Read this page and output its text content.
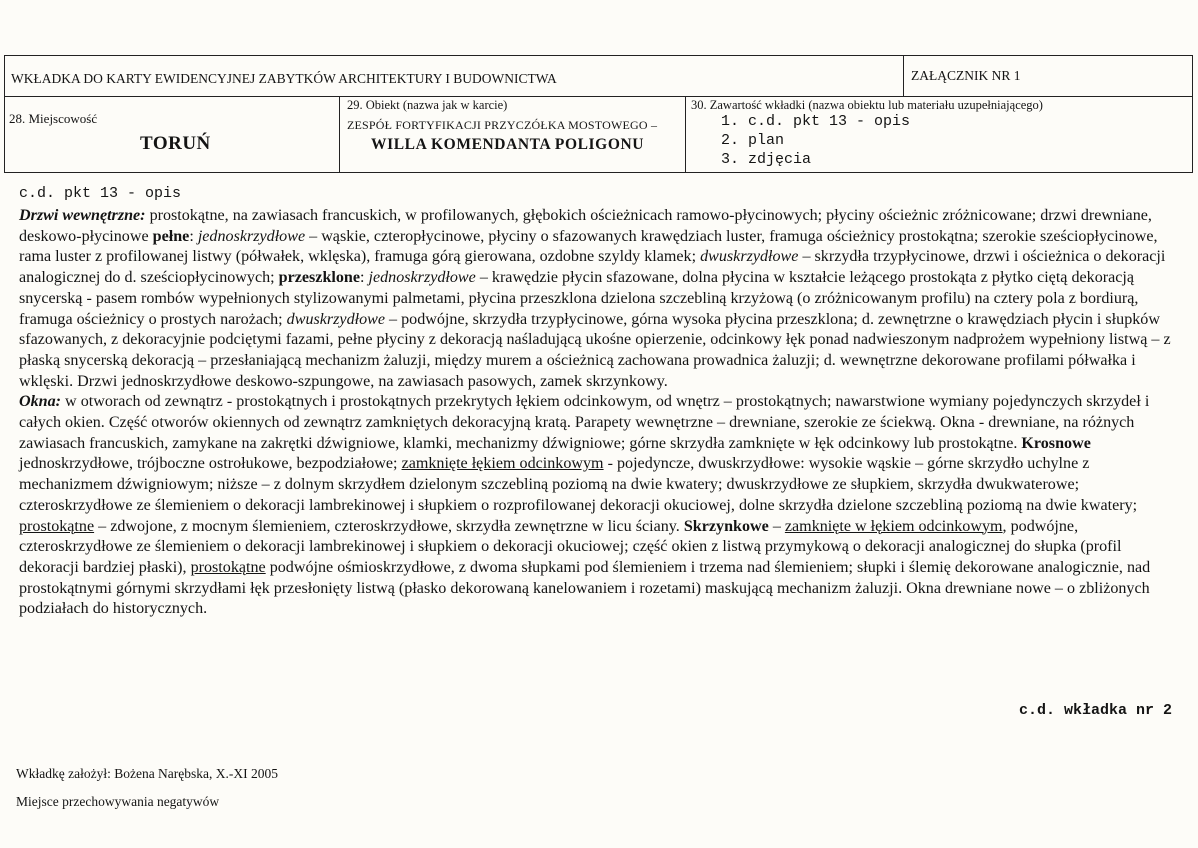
WKŁADKA DO KARTY EWIDENCYJNEJ ZABYTKÓW ARCHITEKTURY I BUDOWNICTWA	ZAŁĄCZNIK NR 1
28. Miejscowość
TORUŃ
29. Obiekt (nazwa jak w karcie)
ZESPÓŁ FORTYFIKACJI PRZYCZÓŁKA MOSTOWEGO –
WILLA KOMENDANTA POLIGONU
30. Zawartość wkładki (nazwa obiektu lub materiału uzupełniającego)
1. c.d. pkt 13 - opis
2. plan
3. zdjęcia
c.d. pkt 13 - opis

Drzwi wewnętrzne: prostokątne, na zawiasach francuskich, w profilowanych, głębokich ościeżnicach ramowo-płycinowych; płyciny ościeżnic zróżnicowane; drzwi drewniane, deskowo-płycinowe pełne: jednoskrzydłowe – wąskie, czteropłycinowe, płyciny o sfazowanych krawędziach luster, framuga ościeżnicy prostokątna; szerokie sześciopłycinowe, rama luster z profilowanej listwy (półwałek, wklęska), framuga górą gierowana, ozdobne szyldy klamek; dwuskrzydłowe – skrzydła trzypłycinowe, drzwi i ościeżnica o dekoracji analogicznej do d. sześciopłycinowych; przeszklone: jednoskrzydłowe – krawędzie płycin sfazowane, dolna płycina w kształcie leżącego prostokąta z płytko ciętą dekoracją snycerską - pasem rombów wypełnionych stylizowanymi palmetami, płycina przeszklona dzielona szczebliną krzyżową (o zróżnicowanym profilu) na cztery pola z bordiurą, framuga ościeżnicy o prostych narożach; dwuskrzydłowe – podwójne, skrzydła trzypłycinowe, górna wysoka płycina przeszklona; d. zewnętrzne o krawędziach płycin i słupków sfazowanych, z dekoracyjnie podciętymi fazami, pełne płyciny z dekoracją naśladującą ukośne opierzenie, odcinkowy łęk ponad nadwieszonym nadprożem wypełniony listwą – z płaską snycerską dekoracją – przesłaniającą mechanizm żaluzji, między murem a ościeżnicą zachowana prowadnica żaluzji; d. wewnętrzne dekorowane profilami półwałka i wklęski. Drzwi jednoskrzydłowe deskowo-szpungowe, na zawiasach pasowych, zamek skrzynkowy.

Okna: w otworach od zewnątrz - prostokątnych i prostokątnych przekrytych łękiem odcinkowym, od wnętrz – prostokątnych; nawarstwione wymiany pojedynczych skrzydeł i całych okien. Część otworów okiennych od zewnątrz zamkniętych dekoracyjną kratą. Parapety wewnętrzne – drewniane, szerokie ze ściekwą. Okna - drewniane, na różnych zawiasach francuskich, zamykane na zakrętki dźwigniowe, klamki, mechanizmy dźwigniowe; górne skrzydła zamknięte w łęk odcinkowy lub prostokątne. Krosnowe jednoskrzydłowe, trójboczne ostrołukowe, bezpodziałowe; zamknięte łękiem odcinkowym - pojedyncze, dwuskrzydłowe: wysokie wąskie – górne skrzydło uchylne z mechanizmem dźwigniowym; niższe – z dolnym skrzydłem dzielonym szczebliną poziomą na dwie kwatery; dwuskrzydłowe ze słupkiem, skrzydła dwukwaterowe; czteroskrzydłowe ze ślemieniem o dekoracji lambrekinowej i słupkiem o rozprofilowanej dekoracji okuciowej, dolne skrzydła dzielone szczebliną poziomą na dwie kwatery; prostokątne – zdwojone, z mocnym ślemieniem, czteroskrzydłowe, skrzydła zewnętrzne w licu ściany. Skrzynkowe – zamknięte w łękiem odcinkowym, podwójne, czteroskrzydłowe ze ślemieniem o dekoracji lambrekinowej i słupkiem o dekoracji okuciowej; część okien z listwą przymykową o dekoracji analogicznej do słupka (profil dekoracji bardziej płaski), prostokątne podwójne ośmioskrzydłowe, z dwoma słupkami pod ślemieniem i trzema nad ślemieniem; słupki i ślemię dekorowane analogicznie, nad prostokątnymi górnymi skrzydłami łęk przesłonięty listwą (płasko dekorowaną kanelowaniem i rozetami) maskującą mechanizm żaluzji. Okna drewniane nowe – o zbliżonych podziałach do historycznych.

c.d. wkładka nr 2
Wkładkę założył: Bożena Narębska, X.-XI 2005
Miejsce przechowywania negatywów
